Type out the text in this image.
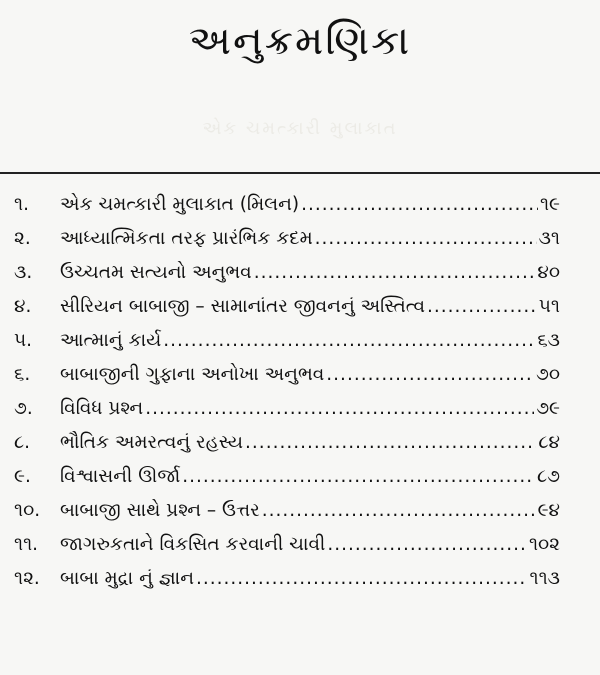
એક ચમત્કારી મુલાકાત
અનુક્રમણિકા
૧.	એક ચમત્કારી મુલાકાત (મિલન) .....	૧૯
૨.	આધ્યાત્મિકતા તરફ પ્રારંભિક કદમ .....	૩૧
૩.	ઉચ્ચતમ સત્યનો અનુભવ .....	૪૦
૪.	સીરિયન બાબાજી – સામાનાંતર જીવનનું અસ્તિત્વ .....	૫૧
૫.	આત્માનું કાર્ય .....	૬૩
૬.	બાબાજીની ગુફાના અનોખા અનુભવ .....	૭૦
૭.	વિવિધ પ્રશ્ન .....	૭૯
૮.	ભૌતિક અમરત્વનું રહસ્ય .....	૮૪
૯.	વિશ્વાસની ઊર્જા .....	૮૭
૧૦.	બાબાજી સાથે પ્રશ્ન – ઉત્તર .....	૯૪
૧૧.	જાગરુકતાને વિકસિત કરવાની ચાવી .....	૧૦૨
૧૨.	બાબા મુદ્રા નું જ્ઞાન .....	૧૧૩
